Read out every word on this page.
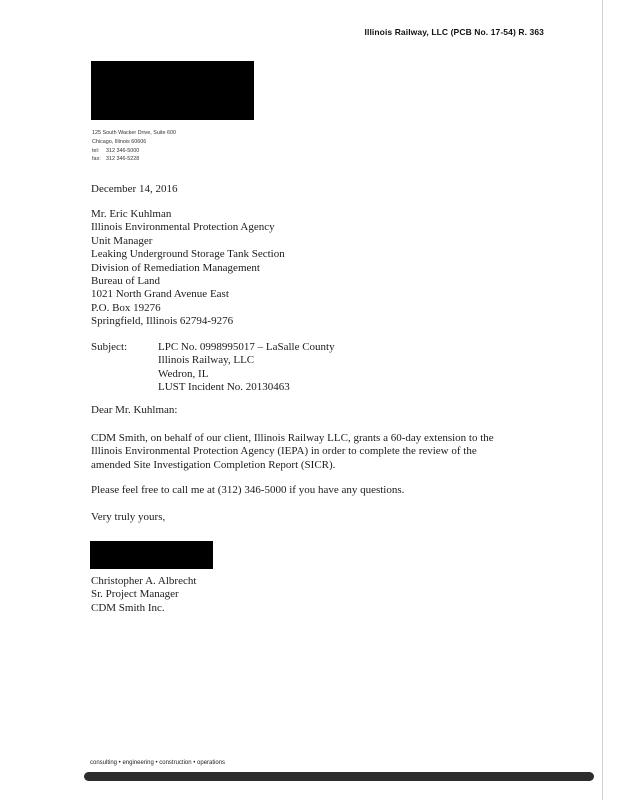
Illinois Railway, LLC (PCB No. 17-54) R. 363
125 South Wacker Drive, Suite 600
Chicago, Illinois 60606
tel: 312 346-5000
fax: 312 346-5228
December 14, 2016
Mr. Eric Kuhlman
Illinois Environmental Protection Agency
Unit Manager
Leaking Underground Storage Tank Section
Division of Remediation Management
Bureau of Land
1021 North Grand Avenue East
P.O. Box 19276
Springfield, Illinois 62794-9276
Subject:	LPC No. 0998995017 – LaSalle County
Illinois Railway, LLC
Wedron, IL
LUST Incident No. 20130463
Dear Mr. Kuhlman:
CDM Smith, on behalf of our client, Illinois Railway LLC, grants a 60-day extension to the
Illinois Environmental Protection Agency (IEPA) in order to complete the review of the
amended Site Investigation Completion Report (SICR).
Please feel free to call me at (312) 346-5000 if you have any questions.
Very truly yours,
Christopher A. Albrecht
Sr. Project Manager
CDM Smith Inc.
consulting • engineering • construction • operations
